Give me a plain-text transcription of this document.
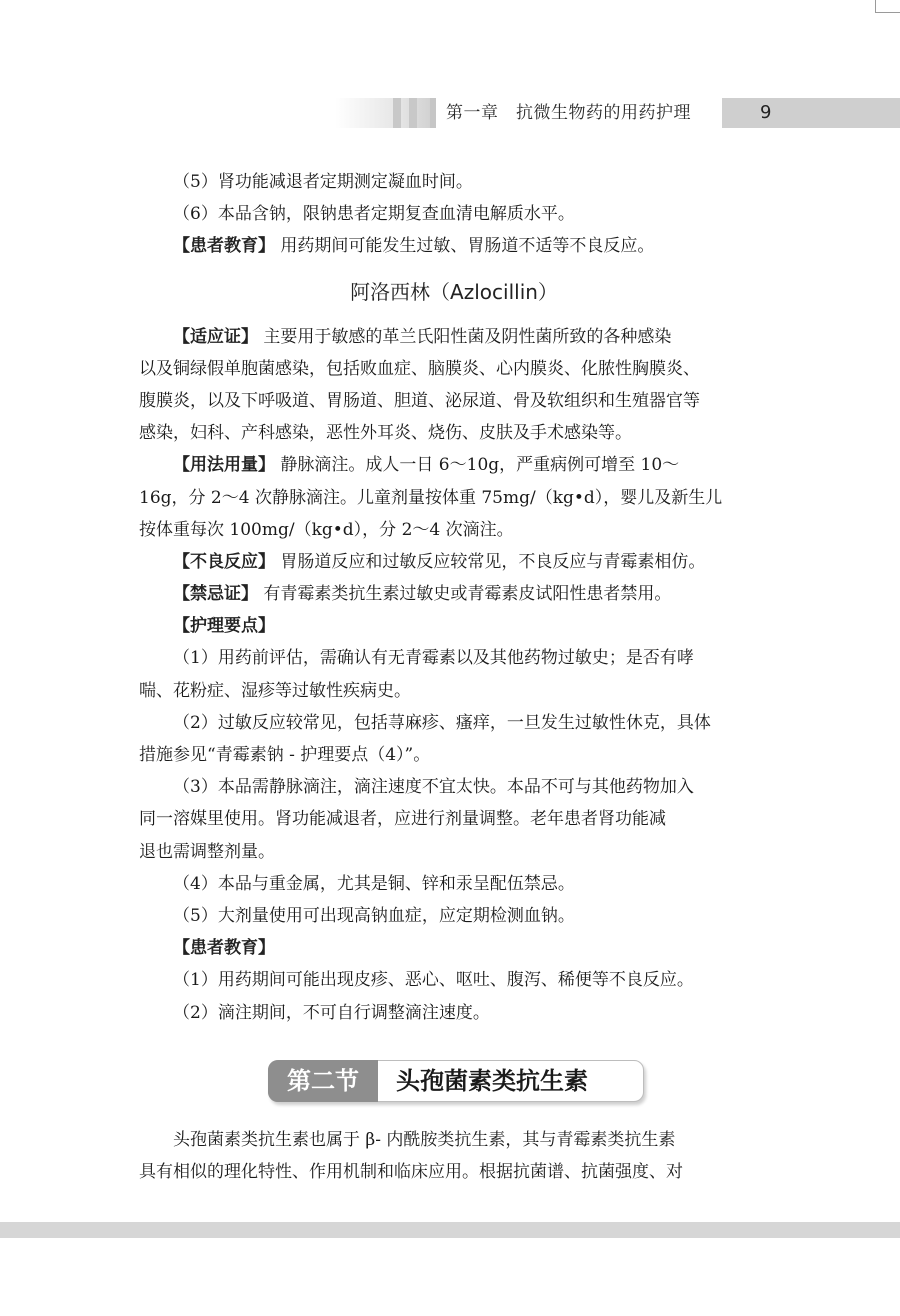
第一章　抗微生物药的用药护理	9
（5）肾功能减退者定期测定凝血时间。
（6）本品含钠，限钠患者定期复查血清电解质水平。
【患者教育】 用药期间可能发生过敏、胃肠道不适等不良反应。
阿洛西林（Azlocillin）
【适应证】 主要用于敏感的革兰氏阳性菌及阴性菌所致的各种感染
以及铜绿假单胞菌感染，包括败血症、脑膜炎、心内膜炎、化脓性胸膜炎、
腹膜炎，以及下呼吸道、胃肠道、胆道、泌尿道、骨及软组织和生殖器官等
感染，妇科、产科感染，恶性外耳炎、烧伤、皮肤及手术感染等。
【用法用量】 静脉滴注。成人一日 6～10g，严重病例可增至 10～
16g，分 2～4 次静脉滴注。儿童剂量按体重 75mg/（kg•d），婴儿及新生儿
按体重每次 100mg/（kg•d），分 2～4 次滴注。
【不良反应】 胃肠道反应和过敏反应较常见，不良反应与青霉素相仿。
【禁忌证】 有青霉素类抗生素过敏史或青霉素皮试阳性患者禁用。
【护理要点】
（1）用药前评估，需确认有无青霉素以及其他药物过敏史；是否有哮
喘、花粉症、湿疹等过敏性疾病史。
（2）过敏反应较常见，包括荨麻疹、瘙痒，一旦发生过敏性休克，具体
措施参见“青霉素钠 - 护理要点（4）”。
（3）本品需静脉滴注，滴注速度不宜太快。本品不可与其他药物加入
同一溶媒里使用。肾功能减退者，应进行剂量调整。老年患者肾功能减
退也需调整剂量。
（4）本品与重金属，尤其是铜、锌和汞呈配伍禁忌。
（5）大剂量使用可出现高钠血症，应定期检测血钠。
【患者教育】
（1）用药期间可能出现皮疹、恶心、呕吐、腹泻、稀便等不良反应。
（2）滴注期间，不可自行调整滴注速度。
第二节	头孢菌素类抗生素
头孢菌素类抗生素也属于 β- 内酰胺类抗生素，其与青霉素类抗生素
具有相似的理化特性、作用机制和临床应用。根据抗菌谱、抗菌强度、对
